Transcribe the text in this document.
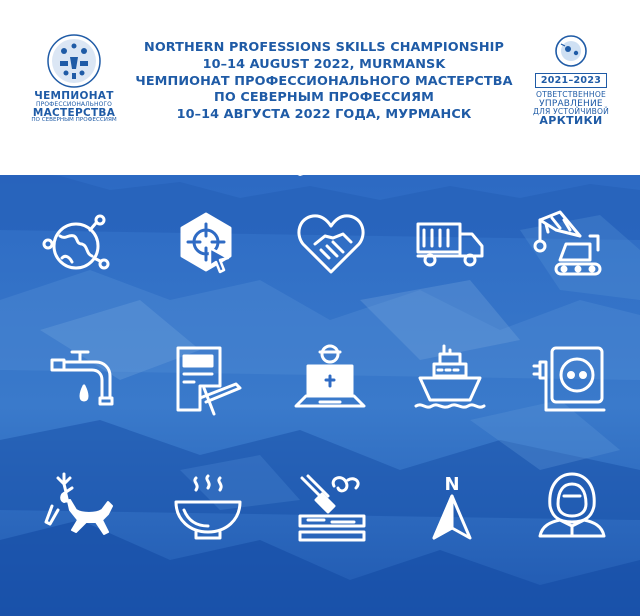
ЧЕМПИОНАТ
ПРОФЕССИОНАЛЬНОГО
МАСТЕРСТВА
ПО СЕВЕРНЫМ ПРОФЕССИЯМ
NORTHERN PROFESSIONS SKILLS CHAMPIONSHIP
10–14 AUGUST 2022, MURMANSK
ЧЕМПИОНАТ ПРОФЕССИОНАЛЬНОГО МАСТЕРСТВА
ПО СЕВЕРНЫМ ПРОФЕССИЯМ
10–14 АВГУСТА 2022 ГОДА, МУРМАНСК
2021–2023
ОТВЕТСТВЕННОЕ
УПРАВЛЕНИЕ
ДЛЯ УСТОЙЧИВОЙ
АРКТИКИ
N
